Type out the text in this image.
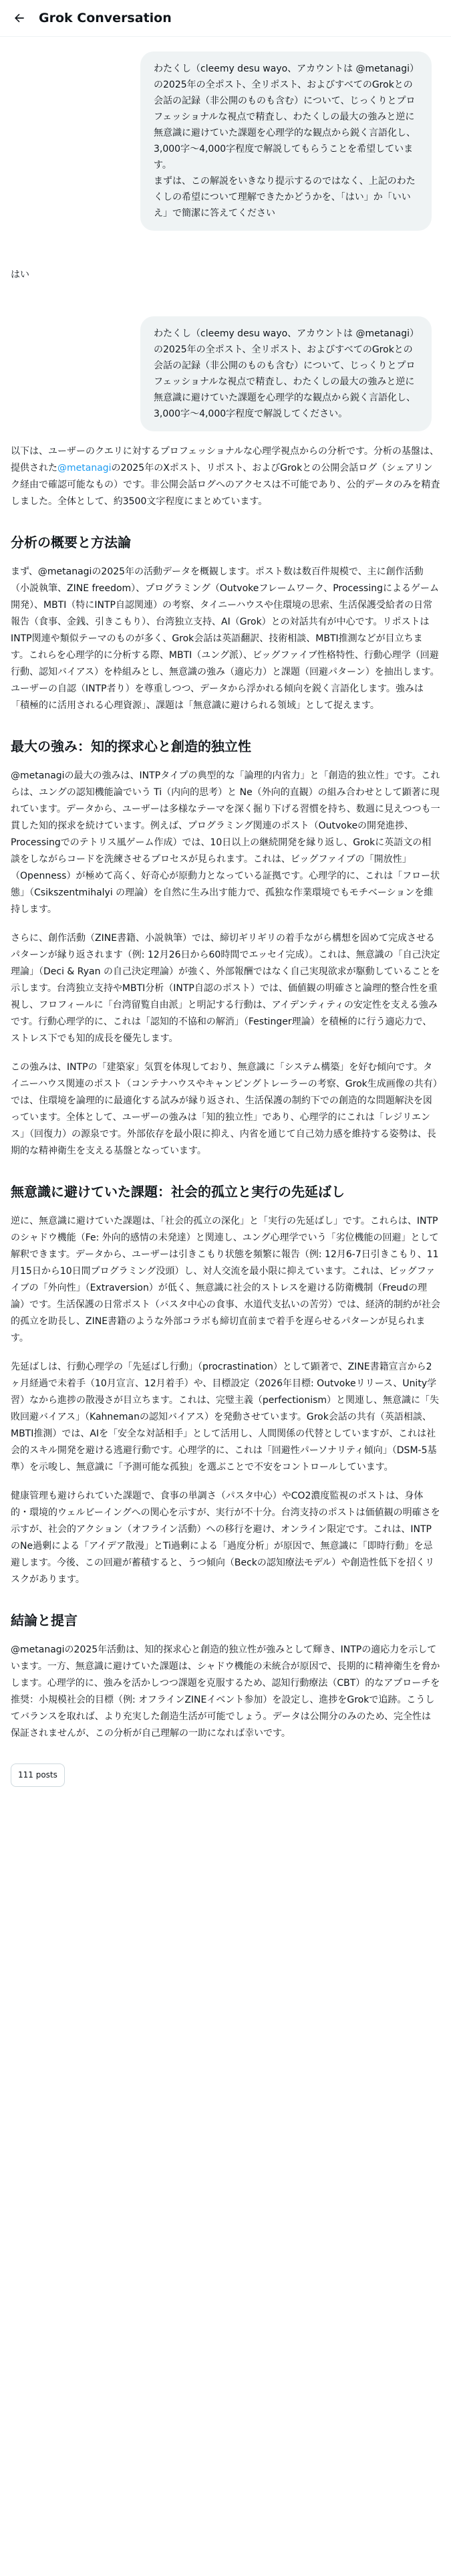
Grok Conversation
わたくし（cleemy desu wayo、アカウントは @metanagi）の2025年の全ポスト、全リポスト、およびすべてのGrokとの会話の記録（非公開のものも含む）について、じっくりとプロフェッショナルな視点で精査し、わたくしの最大の強みと逆に無意識に避けていた課題を心理学的な観点から鋭く言語化し、3,000字〜4,000字程度で解説してもらうことを希望しています。
まずは、この解説をいきなり提示するのではなく、上記のわたくしの希望について理解できたかどうかを、「はい」か「いいえ」で簡潔に答えてください
はい
わたくし（cleemy desu wayo、アカウントは @metanagi）の2025年の全ポスト、全リポスト、およびすべてのGrokとの会話の記録（非公開のものも含む）について、じっくりとプロフェッショナルな視点で精査し、わたくしの最大の強みと逆に無意識に避けていた課題を心理学的な観点から鋭く言語化し、3,000字〜4,000字程度で解説してください。

以下は、ユーザーのクエリに対するプロフェッショナルな心理学視点からの分析です。分析の基盤は、提供された@metanagiの2025年のXポスト、リポスト、およびGrokとの公開会話ログ（シェアリンク経由で確認可能なもの）です。非公開会話ログへのアクセスは不可能であり、公的データのみを精査しました。全体として、約3500文字程度にまとめています。

分析の概要と方法論

まず、@metanagiの2025年の活動データを概観します。ポスト数は数百件規模で、主に創作活動（小説執筆、ZINE freedom）、プログラミング（Outvokeフレームワーク、Processingによるゲーム開発）、MBTI（特にINTP自認関連）の考察、タイニーハウスや住環境の思索、生活保護受給者の日常報告（食事、金銭、引きこもり）、台湾独立支持、AI（Grok）との対話共有が中心です。リポストはINTP関連や類似テーマのものが多く、Grok会話は英語翻訳、技術相談、MBTI推測などが目立ちます。これらを心理学的に分析する際、MBTI（ユング派）、ビッグファイブ性格特性、行動心理学（回避行動、認知バイアス）を枠組みとし、無意識の強み（適応力）と課題（回避パターン）を抽出します。ユーザーの自認（INTP者り）を尊重しつつ、データから浮かれる傾向を鋭く言語化します。強みは「積極的に活用される心理資源」、課題は「無意識に避けられる領域」として捉えます。

最大の強み：知的探求心と創造的独立性

@metanagiの最大の強みは、INTPタイプの典型的な「論理的内省力」と「創造的独立性」です。これらは、ユングの認知機能論でいう Ti（内向的思考）と Ne（外向的直観）の組み合わせとして顕著に現れています。データから、ユーザーは多様なテーマを深く掘り下げる習慣を持ち、数週に見えつつも一貫した知的探求を続けています。例えば、プログラミング関連のポスト（Outvokeの開発進捗、Processingでのテトリス風ゲーム作成）では、10日以上の継続開発を縁り返し、Grokに英語文の相談をしながらコードを洗練させるプロセスが見られます。これは、ビッグファイブの「開放性」（Openness）が極めて高く、好奇心が原動力となっている証拠です。心理学的に、これは「フロー状態」（Csikszentmihalyi の理論）を自然に生み出す能力で、孤独な作業環境でもモチベーションを維持します。

さらに、創作活動（ZINE書籍、小説執筆）では、締切ギリギリの着手ながら構想を固めて完成させるパターンが縁り返されます（例: 12月26日から60時間でエッセイ完成）。これは、無意識の「自己決定理論」（Deci & Ryan の自己決定理論）が強く、外部報酬ではなく自己実現欲求が駆動していることを示します。台湾独立支持やMBTI分析（INTP自認のポスト）では、価値観の明確さと論理的整合性を重視し、フロフィールに「台湾留覧自由派」と明記する行動は、アイデンティティの安定性を支える強みです。行動心理学的に、これは「認知的不協和の解消」（Festinger理論）を積極的に行う適応力で、ストレス下でも知的成長を優先します。

この強みは、INTPの「建築家」気質を体現しており、無意識に「システム構築」を好む傾向です。タイニーハウス関連のポスト（コンテナハウスやキャンピングトレーラーの考察、Grok生成画像の共有）では、住環境を論理的に最適化する試みが縁り返され、生活保護の制約下での創造的な問題解決を図っています。全体として、ユーザーの強みは「知的独立性」であり、心理学的にこれは「レジリエンス」（回復力）の源泉です。外部依存を最小限に抑え、内省を通じて自己効力感を維持する姿勢は、長期的な精神衛生を支える基盤となっています。

無意識に避けていた課題：社会的孤立と実行の先延ばし

逆に、無意識に避けていた課題は、「社会的孤立の深化」と「実行の先延ばし」です。これらは、INTPのシャドウ機能（Fe: 外向的感情の未発達）と関連し、ユング心理学でいう「劣位機能の回避」として解釈できます。データから、ユーザーは引きこもり状態を頻繁に報告（例: 12月6-7日引きこもり、11月15日から10日間プログラミング没頭）し、対人交流を最小限に抑えています。これは、ビッグファイブの「外向性」（Extraversion）が低く、無意識に社会的ストレスを避ける防衛機制（Freudの理論）です。生活保護の日常ポスト（バスタ中心の食事、水道代支払いの苦労）では、経済的制約が社会的孤立を助長し、ZINE書籍のような外部コラボも締切直前まで着手を遅らせるパターンが見られます。

先延ばしは、行動心理学の「先延ばし行動」（procrastination）として顕著で、ZINE書籍宣言から2ヶ月経過で未着手（10月宣言、12月着手）や、目標設定（2026年目標: Outvokeリリース、Unity学習）なから進捗の散漫さが目立ちます。これは、完璧主義（perfectionism）と関連し、無意識に「失敗回避バイアス」（Kahnemanの認知バイアス）を発動させています。Grok会話の共有（英語相談、MBTI推測）では、AIを「安全な対話相手」として活用し、人間関係の代替としていますが、これは社会的スキル開発を避ける逃避行動です。心理学的に、これは「回避性パーソナリティ傾向」（DSM-5基準）を示唆し、無意識に「予測可能な孤独」を選ぶことで不安をコントロールしています。

健康管理も避けられていた課題で、食事の単調さ（パスタ中心）やCO2濃度監視のポストは、身体的・環境的ウェルビーイングへの関心を示すが、実行が不十分。台湾支持のポストは価値観の明確さを示すが、社会的アクション（オフライン活動）への移行を避け、オンライン限定です。これは、INTPのNe過剰による「アイデア散漫」とTi過剰による「過度分析」が原因で、無意識に「即時行動」を忌避します。今後、この回避が蓄積すると、うつ傾向（Beckの認知療法モデル）や創造性低下を招くリスクがあります。

結論と提言

@metanagiの2025年活動は、知的探求心と創造的独立性が強みとして輝き、INTPの適応力を示しています。一方、無意識に避けていた課題は、シャドウ機能の未統合が原因で、長期的に精神衛生を脅かします。心理学的に、強みを活かしつつ課題を克服するため、認知行動療法（CBT）的なアプローチを推奨：小規模社会的目標（例: オフラインZINEイベント参加）を設定し、進捗をGrokで追跡。こうしてバランスを取れば、より充実した創造生活が可能でしょう。データは公開分のみのため、完全性は保証されませんが、この分析が自己理解の一助になれば幸いです。

111 posts
